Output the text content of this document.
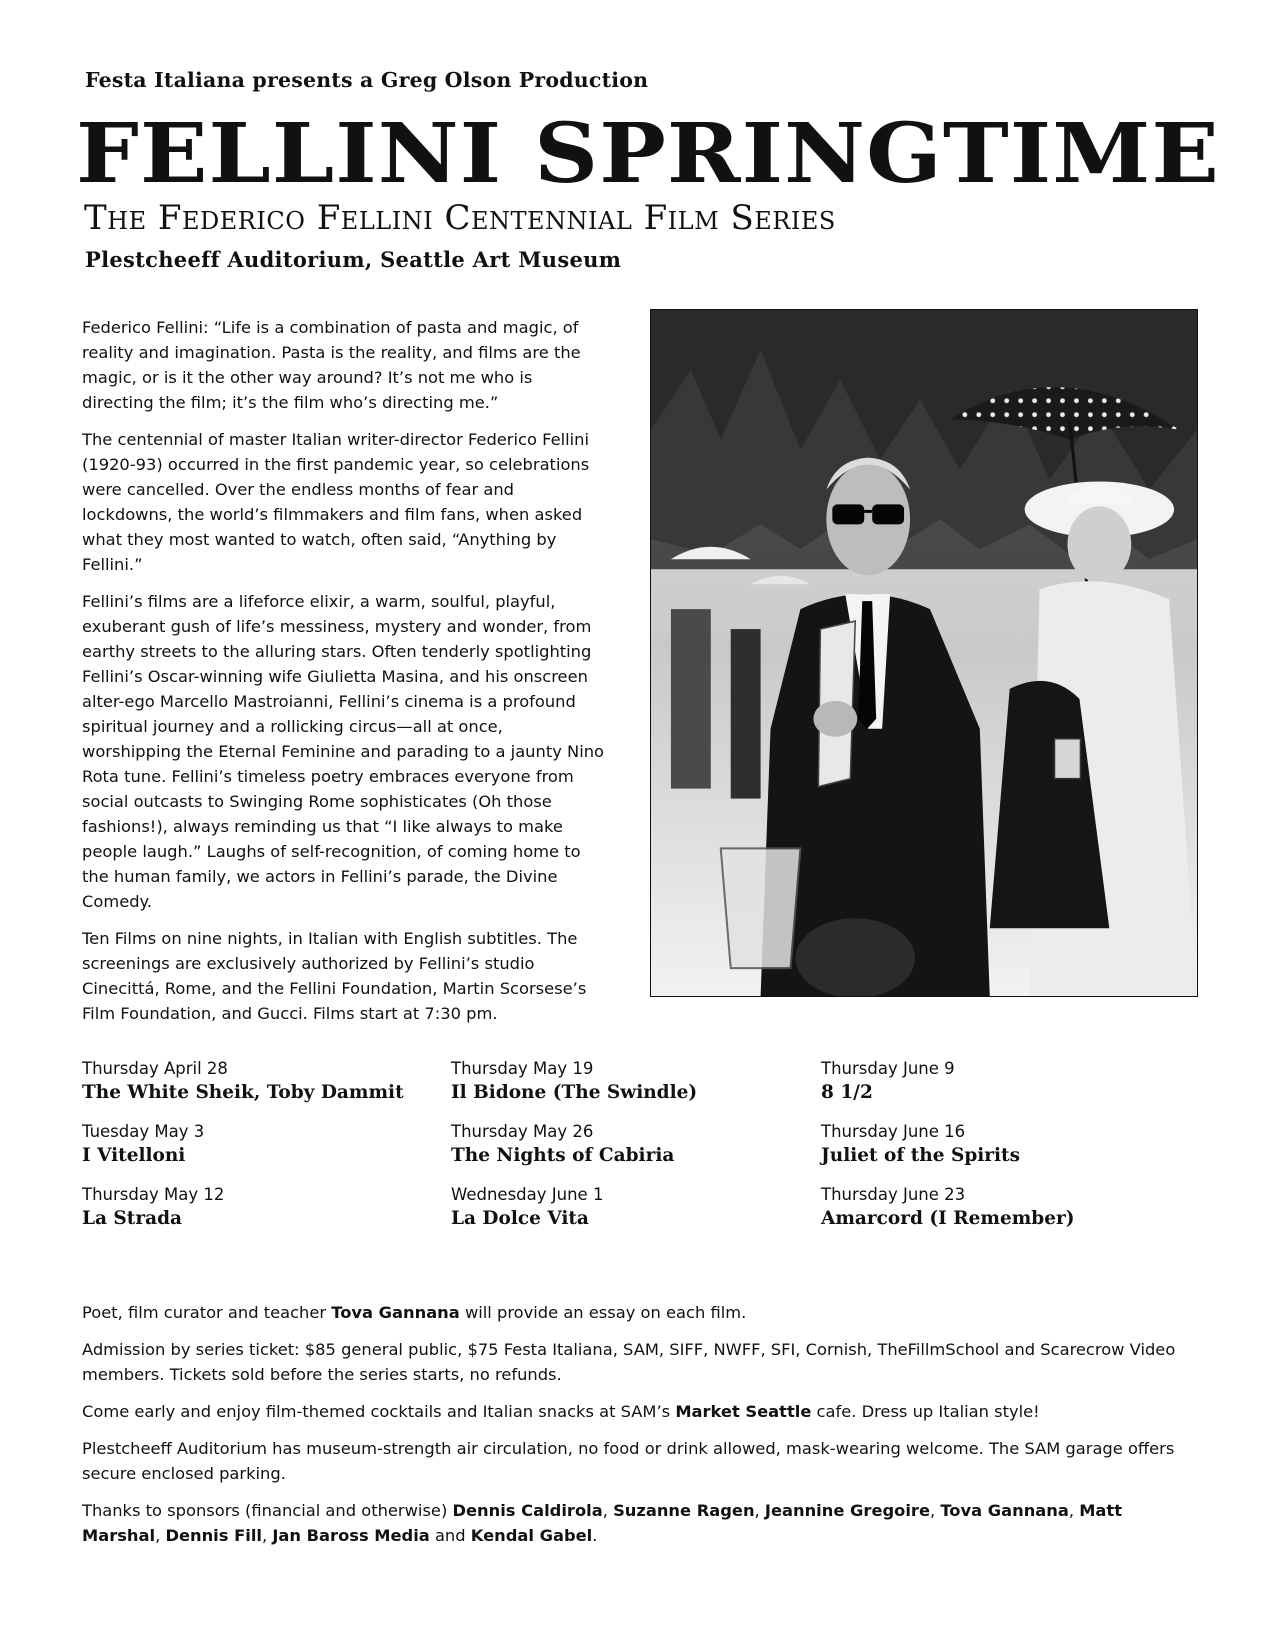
Festa Italiana presents a Greg Olson Production
FELLINI SPRINGTIME
The Federico Fellini Centennial Film Series
Plestcheeff Auditorium, Seattle Art Museum

Federico Fellini: “Life is a combination of pasta and magic, of reality and imagination. Pasta is the reality, and films are the magic, or is it the other way around? It’s not me who is directing the film; it’s the film who’s directing me.”

The centennial of master Italian writer-director Federico Fellini (1920-93) occurred in the first pandemic year, so celebrations were cancelled. Over the endless months of fear and lockdowns, the world’s filmmakers and film fans, when asked what they most wanted to watch, often said, “Anything by Fellini.”

Fellini’s films are a lifeforce elixir, a warm, soulful, playful, exuberant gush of life’s messiness, mystery and wonder, from earthy streets to the alluring stars. Often tenderly spotlighting Fellini’s Oscar-winning wife Giulietta Masina, and his onscreen alter-ego Marcello Mastroianni, Fellini’s cinema is a profound spiritual journey and a rollicking circus—all at once, worshipping the Eternal Feminine and parading to a jaunty Nino Rota tune. Fellini’s timeless poetry embraces everyone from social outcasts to Swinging Rome sophisticates (Oh those fashions!), always reminding us that “I like always to make people laugh.” Laughs of self-recognition, of coming home to the human family, we actors in Fellini’s parade, the Divine Comedy.

Ten Films on nine nights, in Italian with English subtitles. The screenings are exclusively authorized by Fellini’s studio Cinecittá, Rome, and the Fellini Foundation, Martin Scorsese’s Film Foundation, and Gucci. Films start at 7:30 pm.

Thursday April 28
The White Sheik, Toby Dammit
Tuesday May 3
I Vitelloni
Thursday May 12
La Strada
Thursday May 19
Il Bidone (The Swindle)
Thursday May 26
The Nights of Cabiria
Wednesday June 1
La Dolce Vita
Thursday June 9
8 1/2
Thursday June 16
Juliet of the Spirits
Thursday June 23
Amarcord (I Remember)

Poet, film curator and teacher Tova Gannana will provide an essay on each film.

Admission by series ticket: $85 general public, $75 Festa Italiana, SAM, SIFF, NWFF, SFI, Cornish, TheFillmSchool and Scarecrow Video members. Tickets sold before the series starts, no refunds.

Come early and enjoy film-themed cocktails and Italian snacks at SAM’s Market Seattle cafe. Dress up Italian style!

Plestcheeff Auditorium has museum-strength air circulation, no food or drink allowed, mask-wearing welcome. The SAM garage offers secure enclosed parking.

Thanks to sponsors (financial and otherwise) Dennis Caldirola, Suzanne Ragen, Jeannine Gregoire, Tova Gannana, Matt Marshal, Dennis Fill, Jan Baross Media and Kendal Gabel.
